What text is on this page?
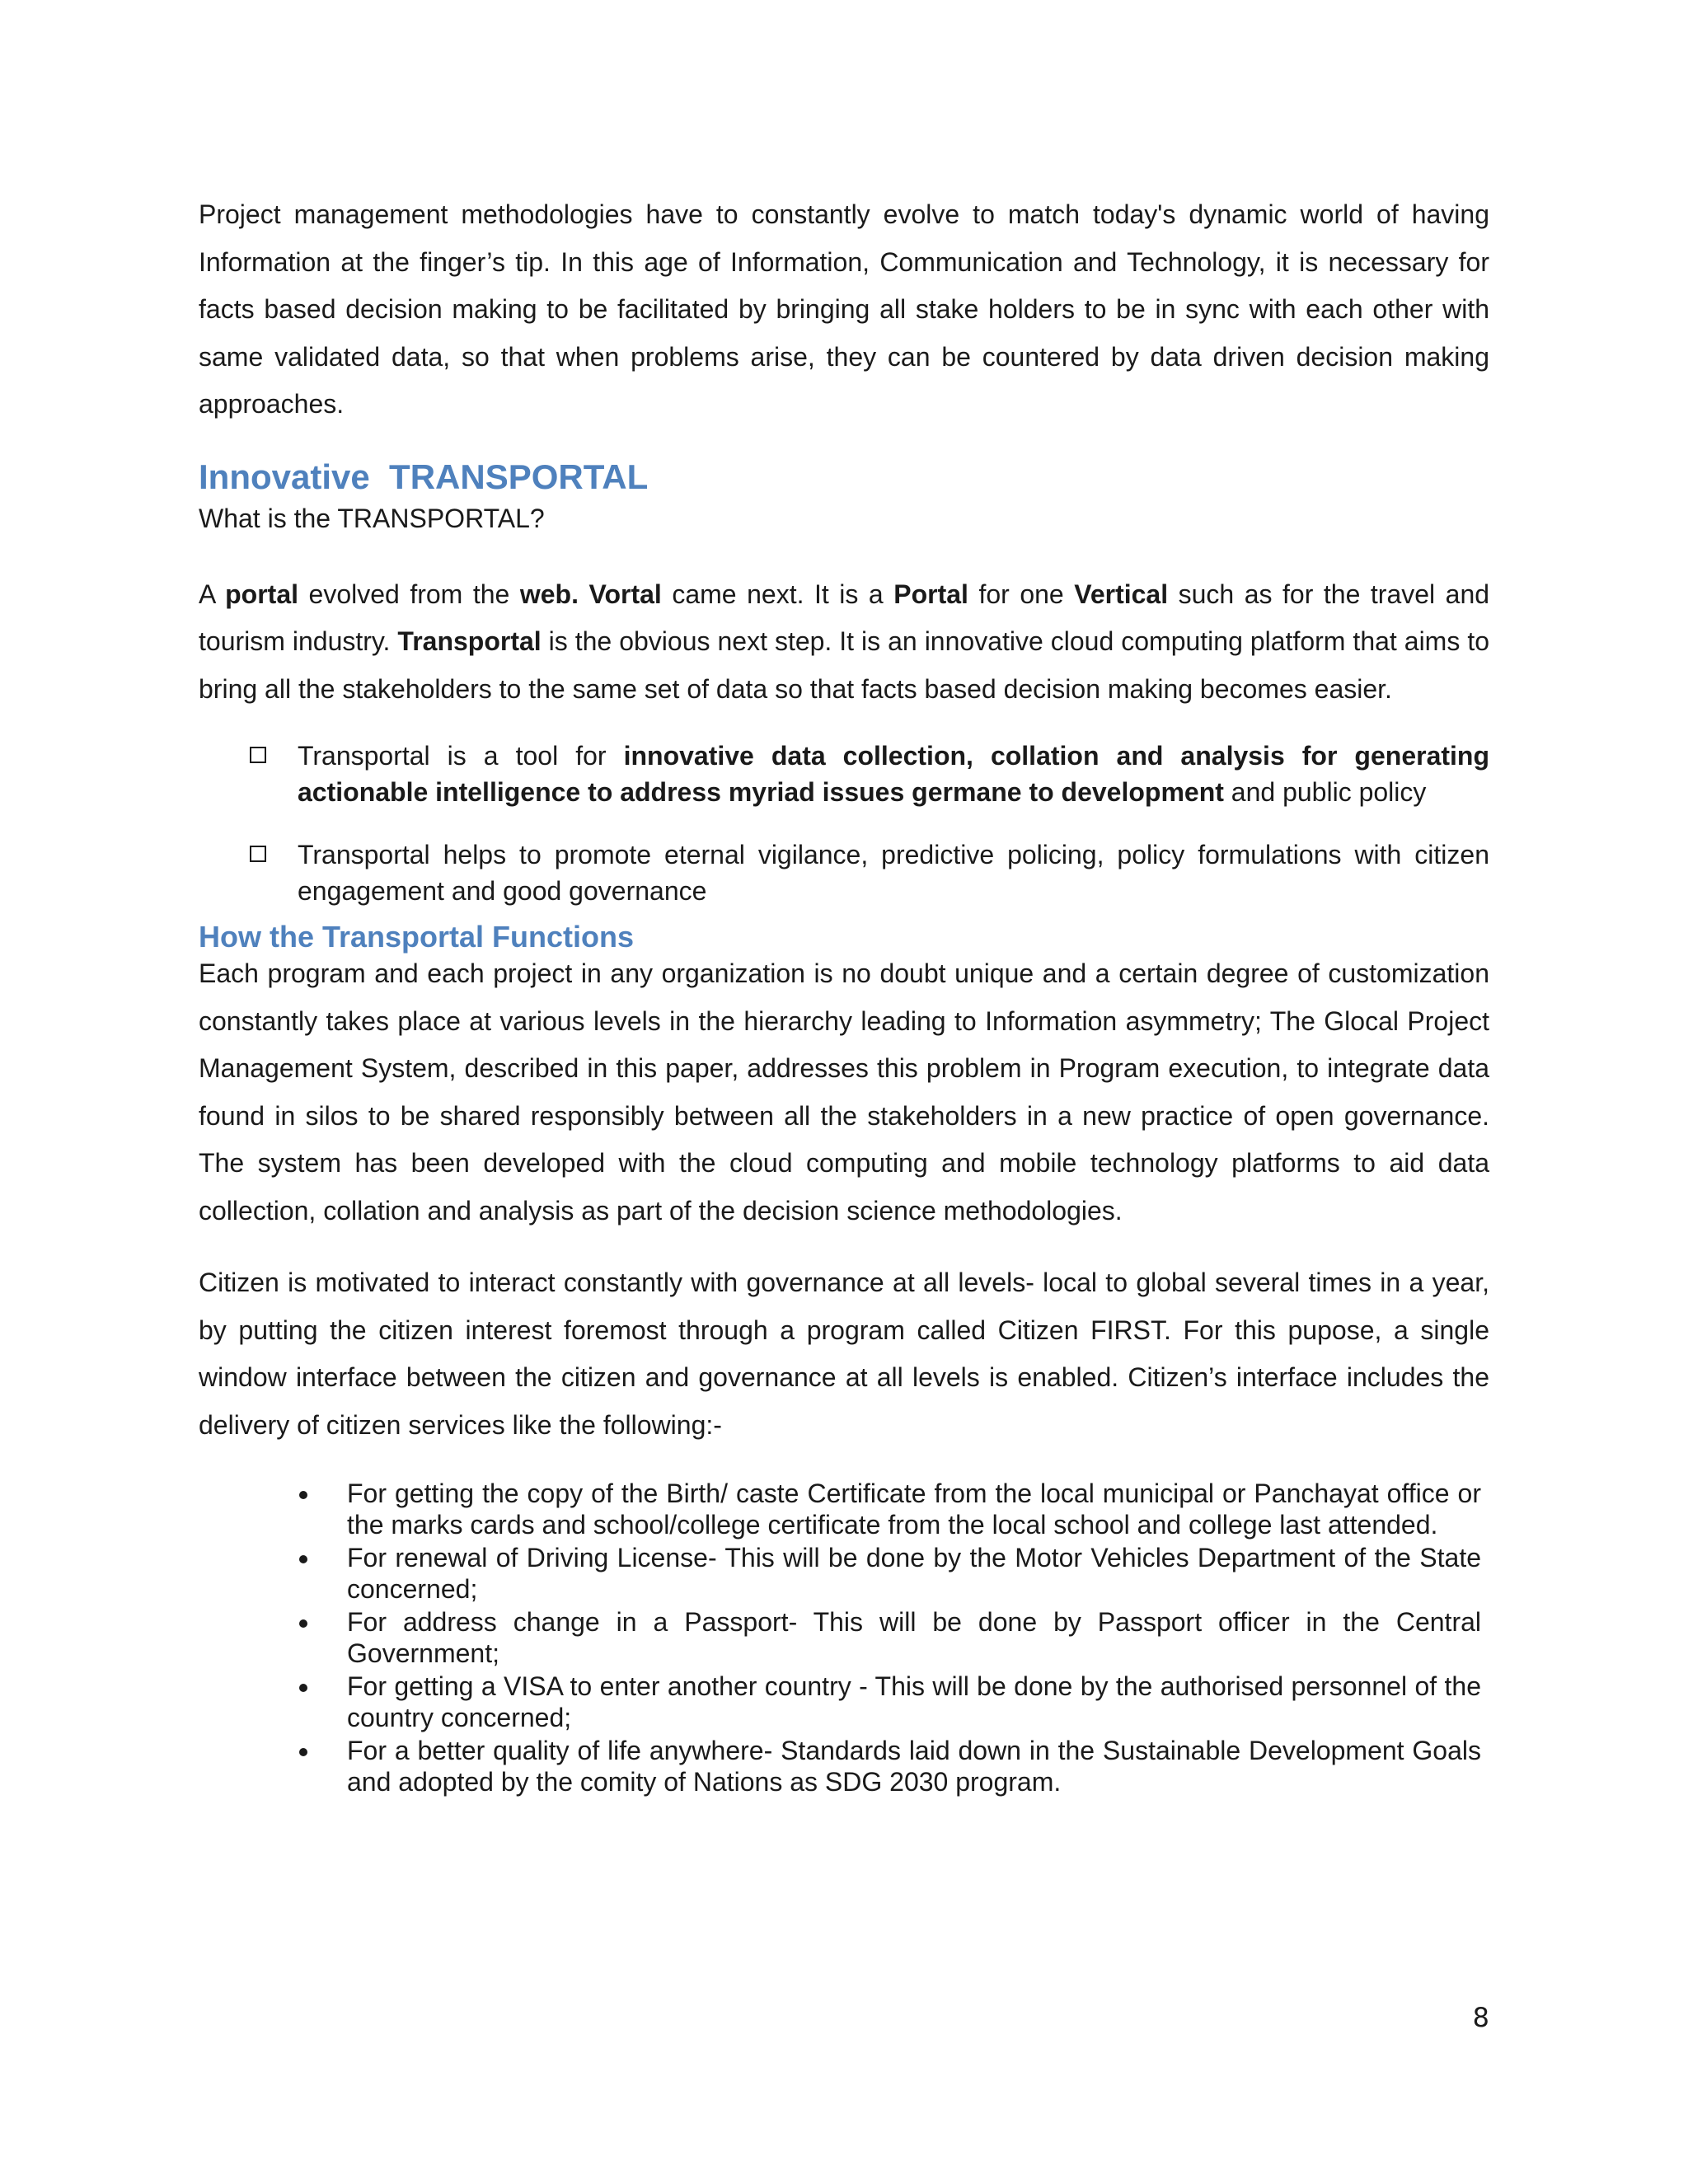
Project management methodologies have to constantly evolve to match today's dynamic world of having Information at the finger’s tip. In this age of Information, Communication and Technology, it is necessary for facts based decision making to be facilitated by bringing all stake holders to be in sync with each other with same validated data, so that when problems arise, they can be countered by data driven decision making approaches.

Innovative  TRANSPORTAL

What is the TRANSPORTAL?

A portal evolved from the web. Vortal came next. It is a Portal for one Vertical such as for the travel and tourism industry. Transportal is the obvious next step. It is an innovative cloud computing platform that aims to bring all the stakeholders to the same set of data so that facts based decision making becomes easier.

Transportal is a tool for innovative data collection, collation and analysis for generating actionable intelligence to address myriad issues germane to development and public policy
Transportal helps to promote eternal vigilance, predictive policing, policy formulations with citizen engagement and good governance
How the Transportal Functions

Each program and each project in any organization is no doubt unique and a certain degree of customization constantly takes place at various levels in the hierarchy leading to Information asymmetry; The Glocal Project Management System, described in this paper, addresses this problem in Program execution, to integrate data found in silos to be shared responsibly between all the stakeholders in a new practice of open governance. The system has been developed with the cloud computing and mobile technology platforms to aid data collection, collation and analysis as part of the decision science methodologies.

Citizen is motivated to interact constantly with governance at all levels- local to global several times in a year, by putting the citizen interest foremost through a program called Citizen FIRST. For this pupose, a single window interface between the citizen and governance at all levels is enabled. Citizen’s interface includes the delivery of citizen services like the following:-

For getting the copy of the Birth/ caste Certificate from the local municipal or Panchayat office or the marks cards and school/college certificate from the local school and college last attended.
For renewal of Driving License- This will be done by the Motor Vehicles Department of the State concerned;
For address change in a Passport- This will be done by Passport officer in the Central Government;
For getting a VISA to enter another country - This will be done by the authorised personnel of the country concerned;
For a better quality of life anywhere- Standards laid down in the Sustainable Development Goals and adopted by the comity of Nations as SDG 2030 program.
8
